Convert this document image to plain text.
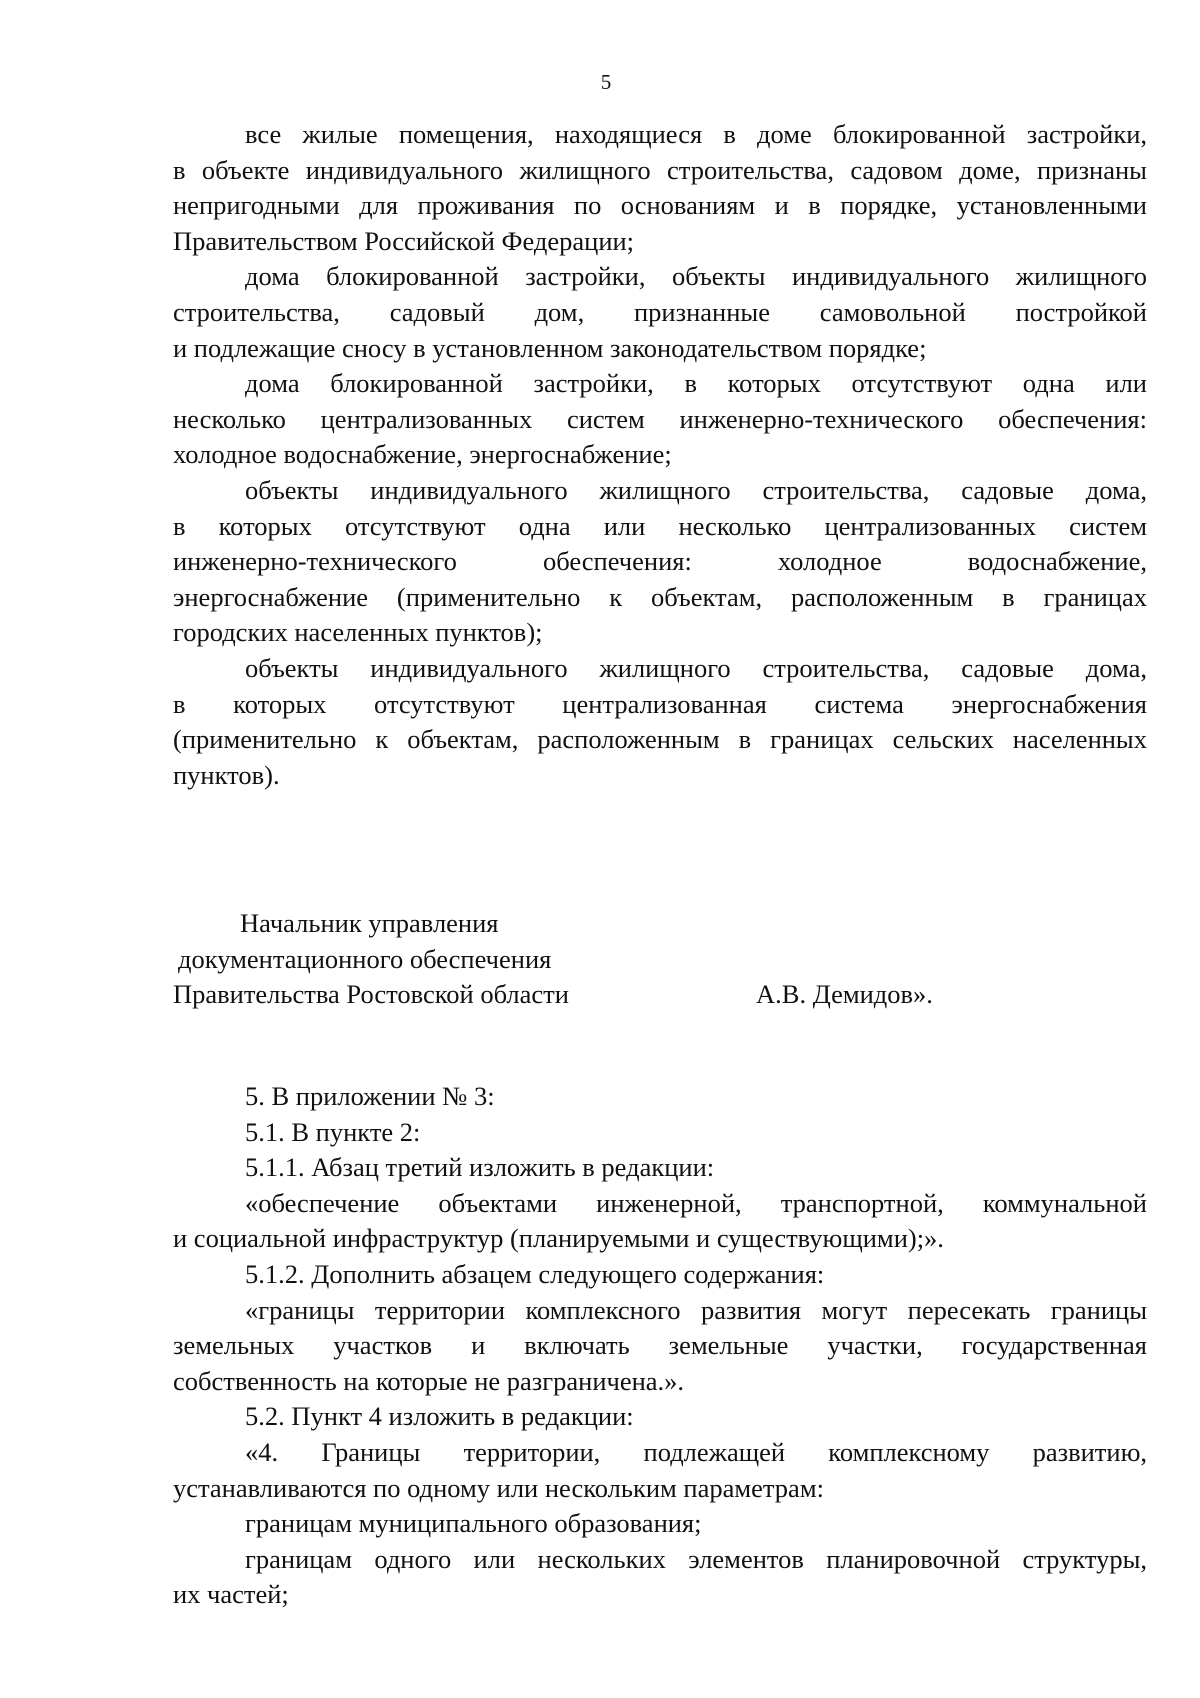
5
все жилые помещения, находящиеся в доме блокированной застройки,
в объекте индивидуального жилищного строительства, садовом доме, признаны
непригодными для проживания по основаниям и в порядке, установленными
Правительством Российской Федерации;
дома блокированной застройки, объекты индивидуального жилищного
строительства, садовый дом, признанные самовольной постройкой
и подлежащие сносу в установленном законодательством порядке;
дома блокированной застройки, в которых отсутствуют одна или
несколько централизованных систем инженерно-технического обеспечения:
холодное водоснабжение, энергоснабжение;
объекты индивидуального жилищного строительства, садовые дома,
в которых отсутствуют одна или несколько централизованных систем
инженерно-технического обеспечения: холодное водоснабжение,
энергоснабжение (применительно к объектам, расположенным в границах
городских населенных пунктов);
объекты индивидуального жилищного строительства, садовые дома,
в которых отсутствуют централизованная система энергоснабжения
(применительно к объектам, расположенным в границах сельских населенных
пунктов).
Начальник управления
документационного обеспечения
Правительства Ростовской области	А.В. Демидов».
5. В приложении № 3:
5.1. В пункте 2:
5.1.1. Абзац третий изложить в редакции:
«обеспечение объектами инженерной, транспортной, коммунальной
и социальной инфраструктур (планируемыми и существующими);».
5.1.2. Дополнить абзацем следующего содержания:
«границы территории комплексного развития могут пересекать границы
земельных участков и включать земельные участки, государственная
собственность на которые не разграничена.».
5.2. Пункт 4 изложить в редакции:
«4. Границы территории, подлежащей комплексному развитию,
устанавливаются по одному или нескольким параметрам:
границам муниципального образования;
границам одного или нескольких элементов планировочной структуры,
их частей;
